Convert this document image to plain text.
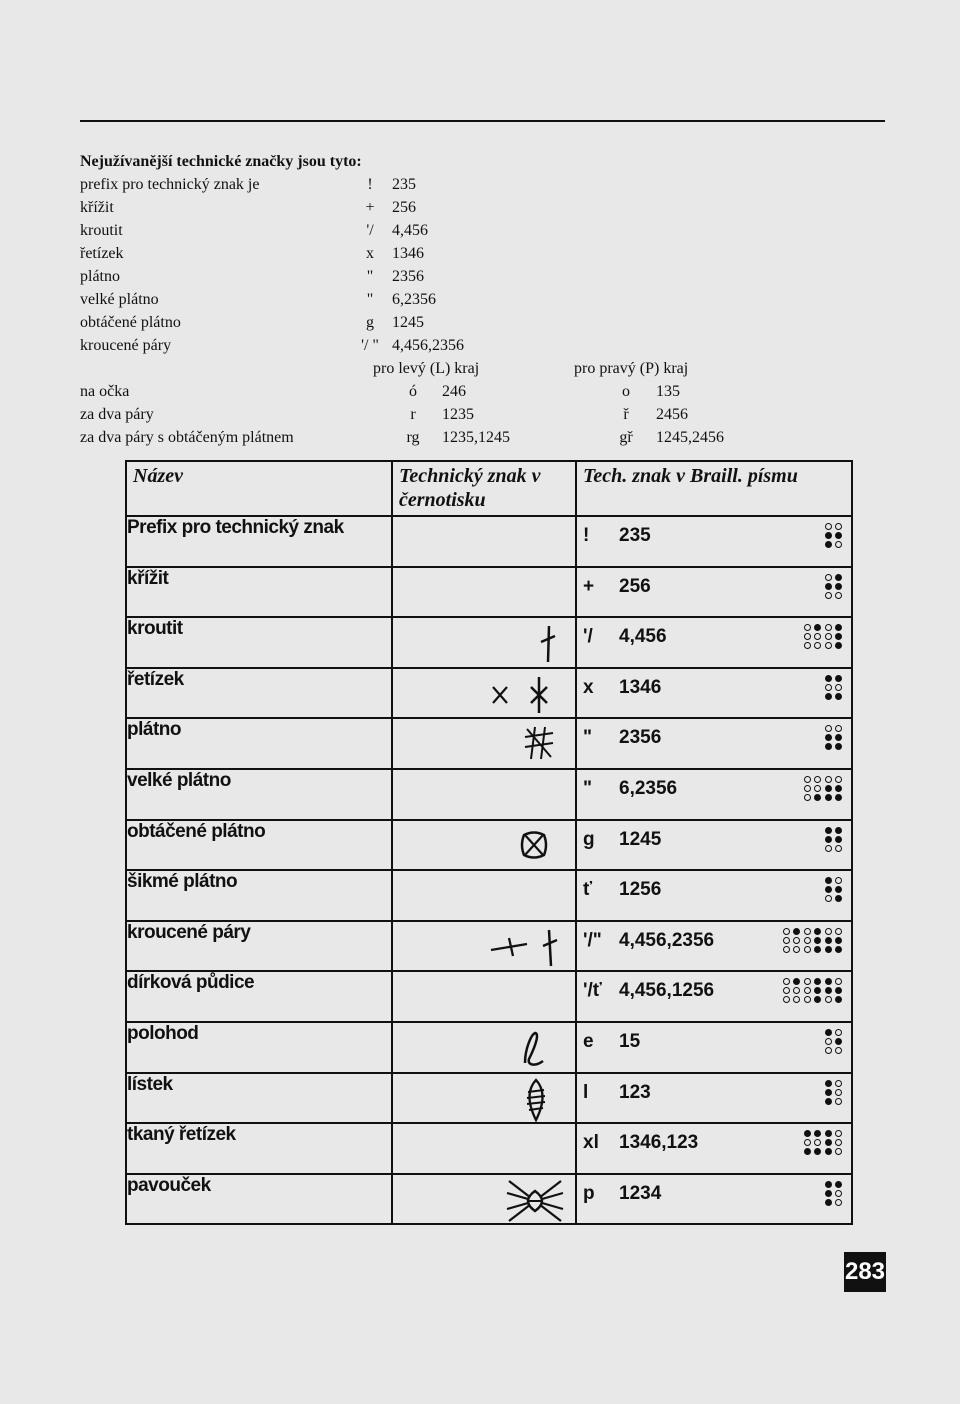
Nejužívanější technické značky jsou tyto:
prefix pro technický znak je	!	235
křížit	+	256
kroutit	'/	4,456
řetízek	x	1346
plátno	"	2356
velké plátno	"	6,2356
obtáčené plátno	g	1245
kroucené páry	'/ " 4,456,2356
pro levý (L) kraj	pro pravý (P) kraj
na očka	ó	246	o	135
za dva páry	r	1235	ř	2456
za dva páry s obtáčeným plátnem	rg 1235,1245	gř 1245,2456
Název	Technický znak v černotisku	Tech. znak v Braill. písmu
Prefix pro technický znak		! 235

křížit		+ 256

kroutit		'/ 4,456

řetízek		x 1346

plátno		" 2356

velké plátno		" 6,2356

obtáčené plátno		g 1245

šikmé plátno		ť 1256

kroucené páry		'/" 4,456,2356

dírková půdice		'/ť 4,456,1256

polohod		e 15

lístek		l 123

tkaný řetízek		xl 1346,123

pavouček		p 1234
283
